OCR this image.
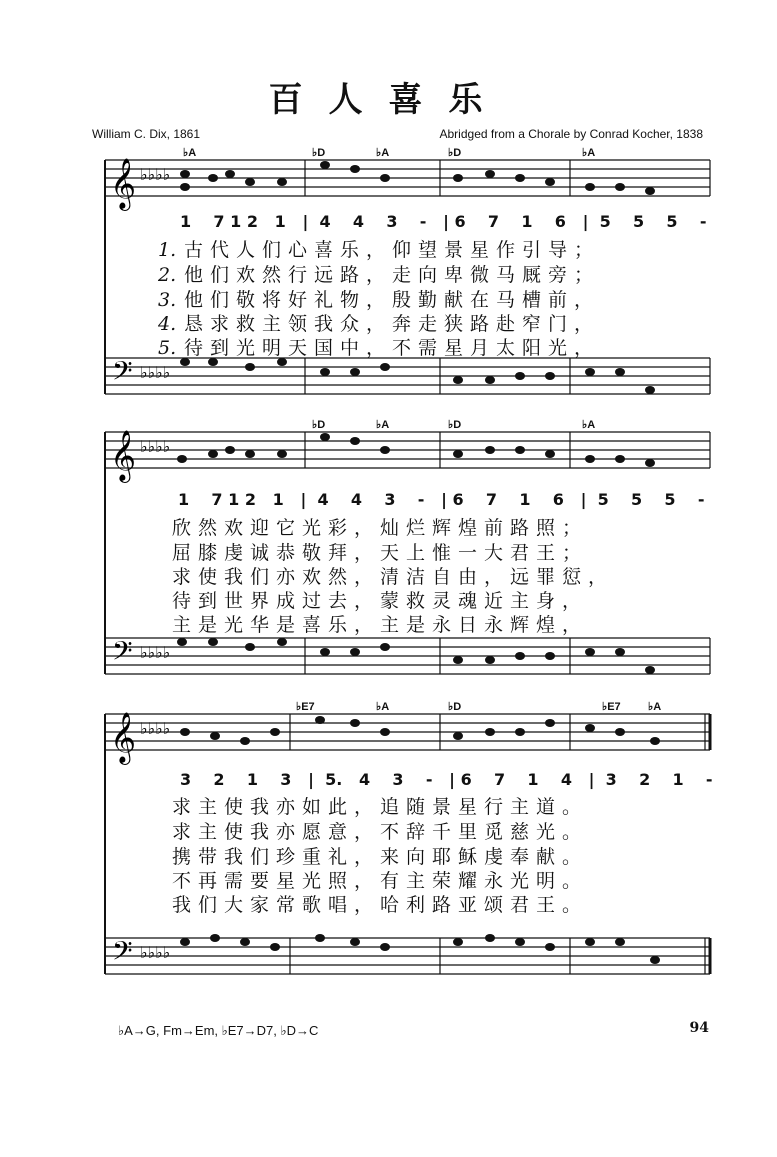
百人喜乐
William C. Dix, 1861	Abridged from a Chorale by Conrad Kocher, 1838
𝄞
𝄢
♭♭♭♭
♭♭♭♭
♭A	♭D	♭A	♭D	♭A
1    7 1 2   1   |  4    4    3    -   | 6    7    1    6   |  5    5    5    -
1. 古代人们心喜乐，仰望景星作引导；
2. 他们欢然行远路，走向卑微马厩旁；
3. 他们敬将好礼物，殷勤献在马槽前，
4. 恳求救主领我众，奔走狭路赴窄门，
5. 待到光明天国中，不需星月太阳光，
𝄞
𝄢
♭♭♭♭
♭♭♭♭
♭D	♭A	♭D	♭A
1    7 1 2   1   |  4    4    3    -   | 6    7    1    6   |  5    5    5    -
欣然欢迎它光彩，灿烂辉煌前路照；
屈膝虔诚恭敬拜，天上惟一大君王；
求使我们亦欢然，清洁自由，远罪愆，
待到世界成过去，蒙救灵魂近主身，
主是光华是喜乐，主是永日永辉煌，
𝄞
𝄢
♭♭♭♭
♭♭♭♭
♭E7	♭A	♭D	♭E7 ♭A
3    2    1    3   |  5.   4    3    -   | 6    7    1    4   |  3    2    1    -
求主使我亦如此，追随景星行主道。
求主使我亦愿意，不辞千里觅慈光。
携带我们珍重礼，来向耶稣虔奉献。
不再需要星光照，有主荣耀永光明。
我们大家常歌唱，哈利路亚颂君王。
♭A→G, Fm→Em, ♭E7→D7, ♭D→C	94
